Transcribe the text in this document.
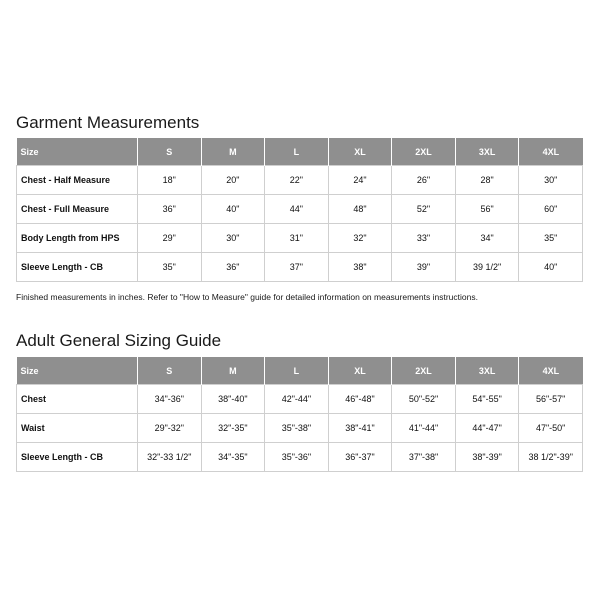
Garment Measurements
Size	S	M	L	XL	2XL	3XL	4XL
Chest - Half Measure	18"	20"	22"	24"	26"	28"	30"
Chest - Full Measure	36"	40"	44"	48"	52"	56"	60"
Body Length from HPS	29"	30"	31"	32"	33"	34"	35"
Sleeve Length - CB	35"	36"	37"	38"	39"	39 1/2"	40"

Finished measurements in inches. Refer to "How to Measure" guide for detailed information on measurements instructions.

Adult General Sizing Guide
Size	S	M	L	XL	2XL	3XL	4XL
Chest	34"-36"	38"-40"	42"-44"	46"-48"	50"-52"	54"-55"	56"-57"
Waist	29"-32"	32"-35"	35"-38"	38"-41"	41"-44"	44"-47"	47"-50"
Sleeve Length - CB	32"-33 1/2"	34"-35"	35"-36"	36"-37"	37"-38"	38"-39"	38 1/2"-39"
